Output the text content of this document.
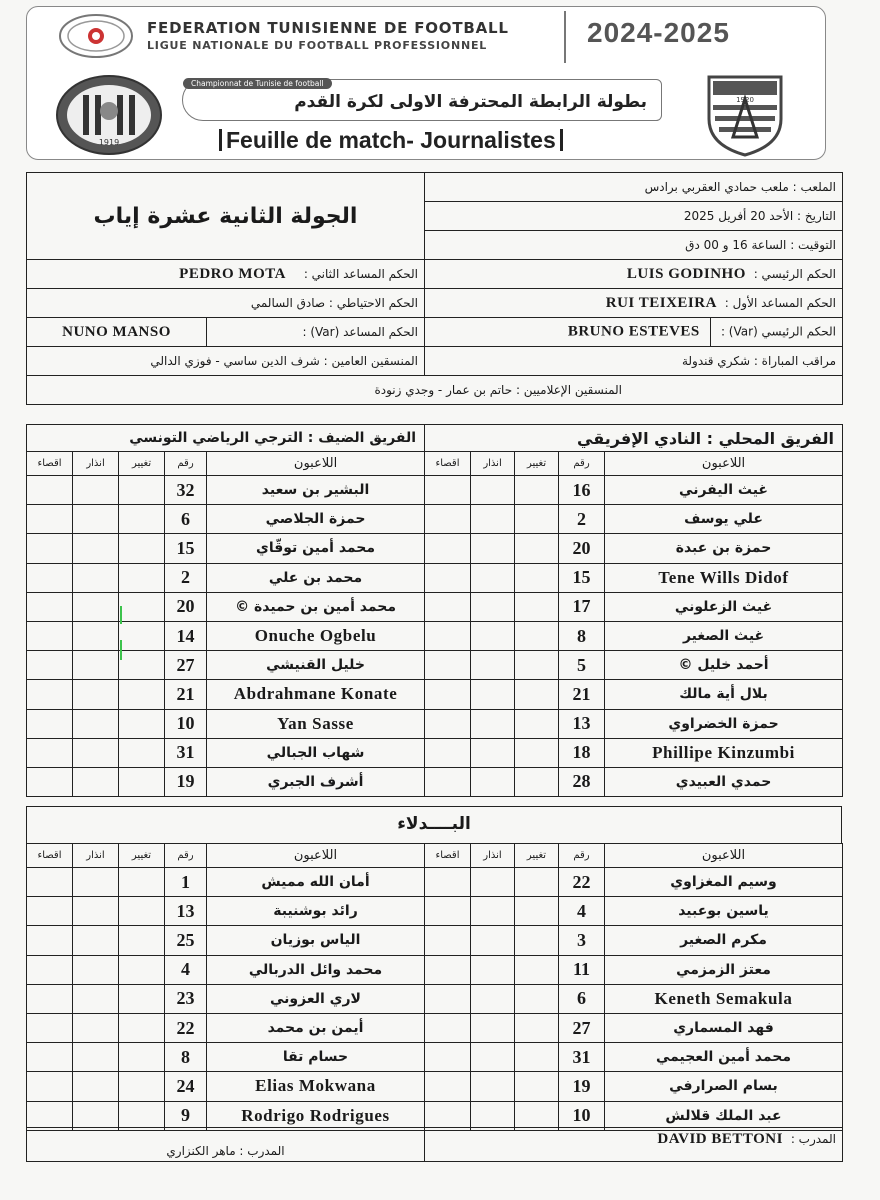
FEDERATION TUNISIENNE DE FOOTBALL
LIGUE NATIONALE DU FOOTBALL PROFESSIONNEL	2024-2025
1919
Championnat de Tunisie de football
بطولة الرابطة المحترفة الاولى لكرة القدم	1920
Feuille de match- Journalistes
الجولة الثانية عشرة إياب		الملعب : ملعب حمادي العقربي برادس
		التاريخ : الأحد 20 أفريل 2025
		التوقيت : الساعة 16 و 00 دق
الحكم المساعد الثاني : PEDRO MOTA		الحكم الرئيسي : LUIS GODINHO
الحكم الاحتياطي : صادق السالمي		الحكم المساعد الأول : RUI TEIXEIRA
NUNO MANSO	الحكم المساعد (Var) :	الحكم الرئيسي (Var) :  BRUNO ESTEVES
المنسقين العامين : شرف الدين ساسي - فوزي الدالي		مراقب المباراة : شكري قندولة
المنسقين الإعلاميين : حاتم بن عمار - وجدي زنودة		
الفريق المحلي : النادي الإفريقي				
اللاعبون	رقم	تغيير	انذار	اقصاء
غيث اليفرني	16			
علي يوسف	2			
حمزة بن عبدة	20			
Tene Wills Didof	15			
غيث الزعلوني	17			
غيث الصغير	8			
أحمد خليل ©	5			
بلال أية مالك	21			
حمزة الخضراوي	13			
Phillipe Kinzumbi	18			
حمدي العبيدي	28			
الفريق الضيف : الترجي الرياضي التونسي				
اللاعبون	رقم	تغيير	انذار	اقصاء
البشير بن سعيد	32			
حمزة الجلاصي	6			
محمد أمين توقّاي	15			
محمد بن علي	2			
محمد أمين بن حميدة ©	20			
Onuche Ogbelu	14			
خليل القنيشي	27			
Abdrahmane Konate	21			
Yan Sasse	10			
شهاب الجبالي	31			
أشرف الجبري	19			
البــــدلاء
اللاعبون	رقم	تغيير	انذار	اقصاء
وسيم المغزاوي	22			
ياسين بوعبيد	4			
مكرم الصغير	3			
معتز الزمزمي	11			
Keneth Semakula	6			
فهد المسماري	27			
محمد أمين العجيمي	31			
بسام الصرارفي	19			
عبد الملك قلالش	10			
اللاعبون	رقم	تغيير	انذار	اقصاء
أمان الله مميش	1			
رائد بوشنيبة	13			
الياس بوزيان	25			
محمد وائل الدربالي	4			
لاري العزوني	23			
أيمن بن محمد	22			
حسام تقا	8			
Elias Mokwana	24			
Rodrigo Rodrigues	9			
المدرب : ماهر الكنزاري	المدرب : DAVID BETTONI
